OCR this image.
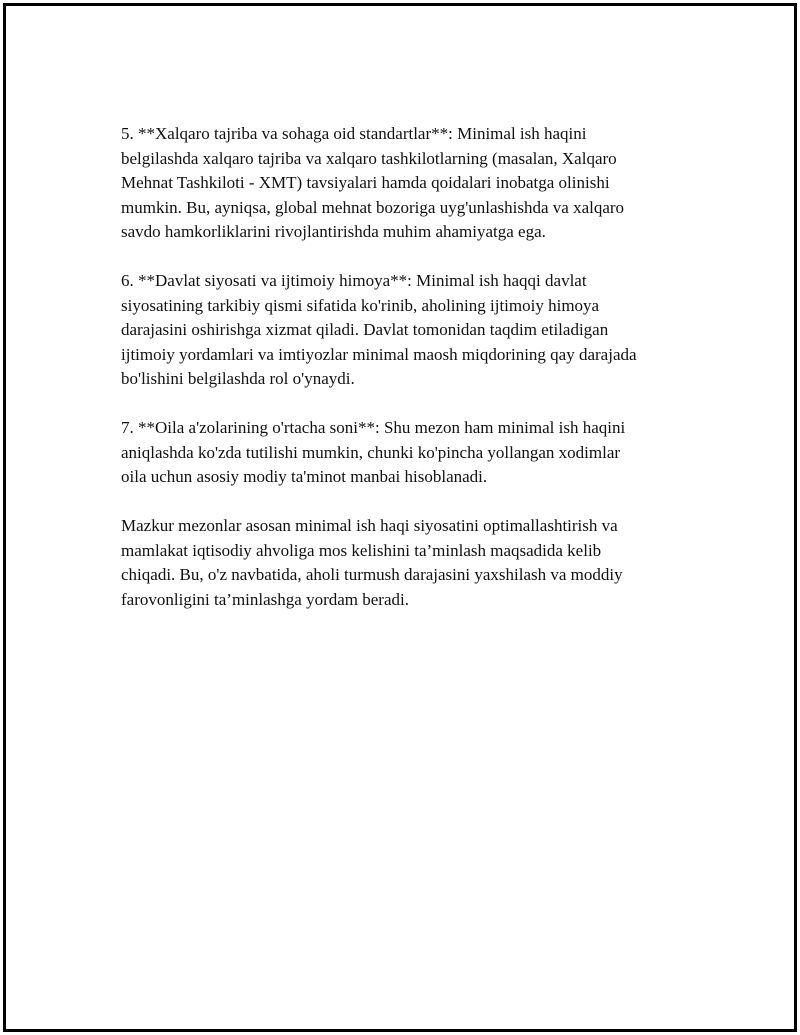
5. **Xalqaro tajriba va sohaga oid standartlar**: Minimal ish haqini
belgilashda xalqaro tajriba va xalqaro tashkilotlarning (masalan, Xalqaro
Mehnat Tashkiloti - XMT) tavsiyalari hamda qoidalari inobatga olinishi
mumkin. Bu, ayniqsa, global mehnat bozoriga uyg'unlashishda va xalqaro
savdo hamkorliklarini rivojlantirishda muhim ahamiyatga ega.

6. **Davlat siyosati va ijtimoiy himoya**: Minimal ish haqqi davlat
siyosatining tarkibiy qismi sifatida ko'rinib, aholining ijtimoiy himoya
darajasini oshirishga xizmat qiladi. Davlat tomonidan taqdim etiladigan
ijtimoiy yordamlari va imtiyozlar minimal maosh miqdorining qay darajada
bo'lishini belgilashda rol o'ynaydi.

7. **Oila a'zolarining o'rtacha soni**: Shu mezon ham minimal ish haqini
aniqlashda ko'zda tutilishi mumkin, chunki ko'pincha yollangan xodimlar
oila uchun asosiy modiy ta'minot manbai hisoblanadi.

Mazkur mezonlar asosan minimal ish haqi siyosatini optimallashtirish va
mamlakat iqtisodiy ahvoliga mos kelishini ta’minlash maqsadida kelib
chiqadi. Bu, o'z navbatida, aholi turmush darajasini yaxshilash va moddiy
farovonligini ta’minlashga yordam beradi.
